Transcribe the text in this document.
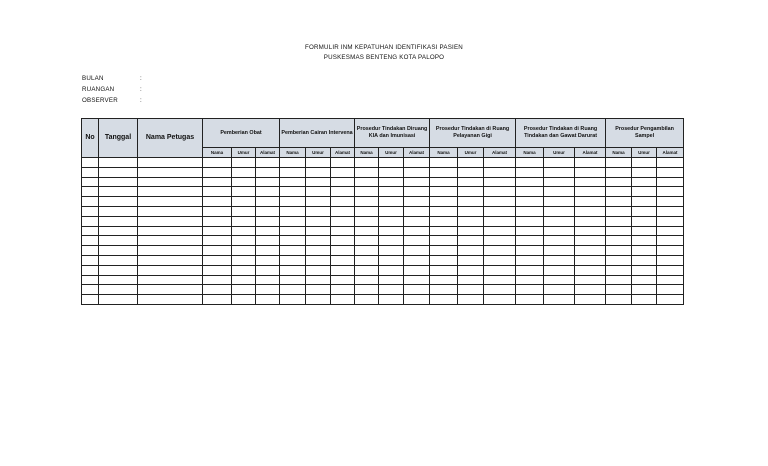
FORMULIR INM KEPATUHAN IDENTIFIKASI PASIEN
PUSKESMAS BENTENG KOTA PALOPO
BULAN	:
RUANGAN	:
OBSERVER	:
No	Tanggal	Nama Petugas	Pemberian Obat			Pemberian Cairan Intervena			Prosedur Tindakan Diruang KIA dan Imunisasi			Prosedur Tindakan di Ruang Pelayanan Gigi			Prosedur Tindakan di Ruang Tindakan dan Gawat Darurat			Prosedur Pengambilan Sampel		
			Nama	Umur	Alamat	Nama	Umur	Alamat	Nama	Umur	Alamat	Nama	Umur	Alamat	Nama	Umur	Alamat	Nama	Umur	Alamat
